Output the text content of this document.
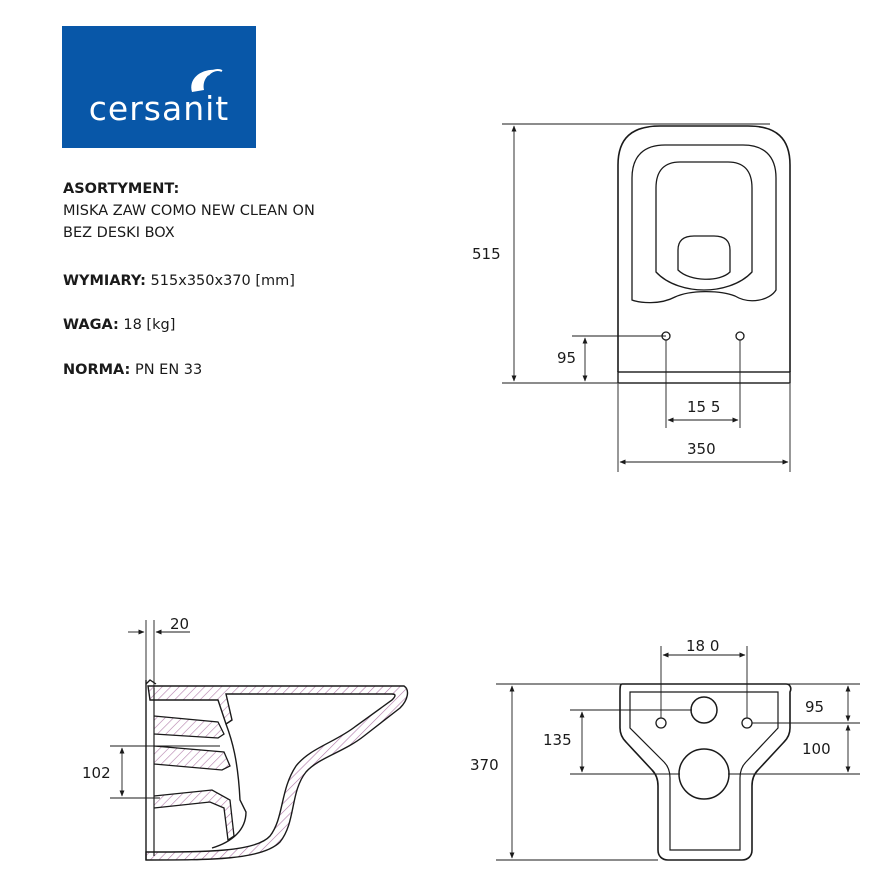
cersanit
ASORTYMENT:
MISKA ZAW COMO NEW CLEAN ON
BEZ DESKI BOX
WYMIARY: 515x350x370 [mm]
WAGA: 18 [kg]
NORMA: PN EN 33
515
95
15 5
350
20
102
18 0
370
135
95
100
